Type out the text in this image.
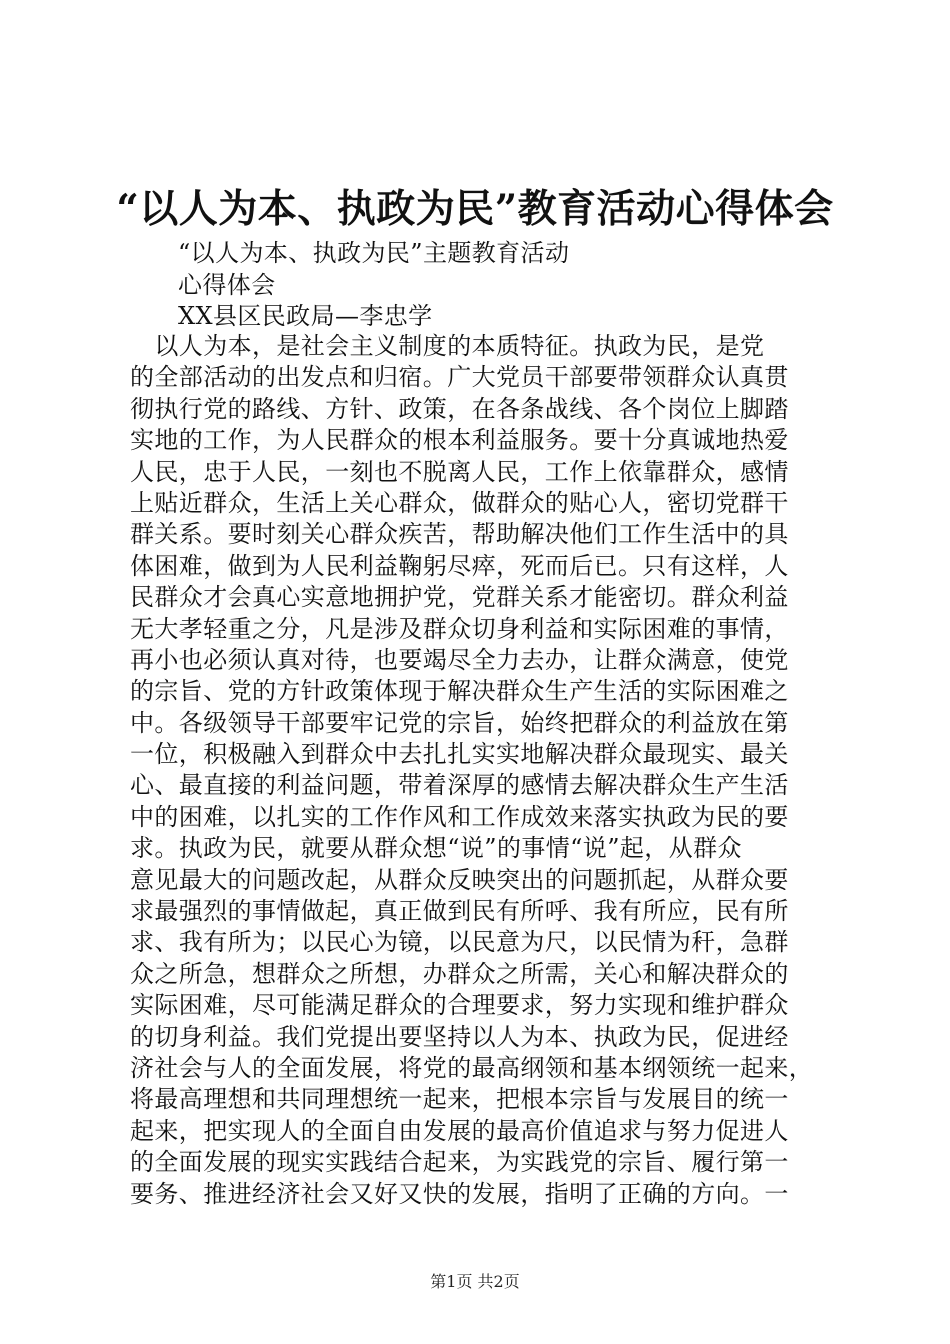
“以人为本、执政为民”教育活动心得体会

“以人为本、执政为民”主题教育活动

心得体会

XX县区民政局—李忠学

　以人为本，是社会主义制度的本质特征。执政为民，是党
的全部活动的出发点和归宿。广大党员干部要带领群众认真贯
彻执行党的路线、方针、政策，在各条战线、各个岗位上脚踏
实地的工作，为人民群众的根本利益服务。要十分真诚地热爱
人民，忠于人民，一刻也不脱离人民，工作上依靠群众，感情
上贴近群众，生活上关心群众，做群众的贴心人，密切党群干
群关系。要时刻关心群众疾苦，帮助解决他们工作生活中的具
体困难，做到为人民利益鞠躬尽瘁，死而后已。只有这样，人
民群众才会真心实意地拥护党，党群关系才能密切。群众利益
无大孝轻重之分，凡是涉及群众切身利益和实际困难的事情，
再小也必须认真对待，也要竭尽全力去办，让群众满意，使党
的宗旨、党的方针政策体现于解决群众生产生活的实际困难之
中。各级领导干部要牢记党的宗旨，始终把群众的利益放在第
一位，积极融入到群众中去扎扎实实地解决群众最现实、最关
心、最直接的利益问题，带着深厚的感情去解决群众生产生活
中的困难，以扎实的工作作风和工作成效来落实执政为民的要
求。执政为民，就要从群众想“说”的事情“说”起，从群众
意见最大的问题改起，从群众反映突出的问题抓起，从群众要
求最强烈的事情做起，真正做到民有所呼、我有所应，民有所
求、我有所为；以民心为镜，以民意为尺，以民情为秆，急群
众之所急，想群众之所想，办群众之所需，关心和解决群众的
实际困难，尽可能满足群众的合理要求，努力实现和维护群众
的切身利益。我们党提出要坚持以人为本、执政为民，促进经
济社会与人的全面发展，将党的最高纲领和基本纲领统一起来，
将最高理想和共同理想统一起来，把根本宗旨与发展目的统一
起来，把实现人的全面自由发展的最高价值追求与努力促进人
的全面发展的现实实践结合起来，为实践党的宗旨、履行第一
要务、推进经济社会又好又快的发展，指明了正确的方向。一
第1页 共2页
